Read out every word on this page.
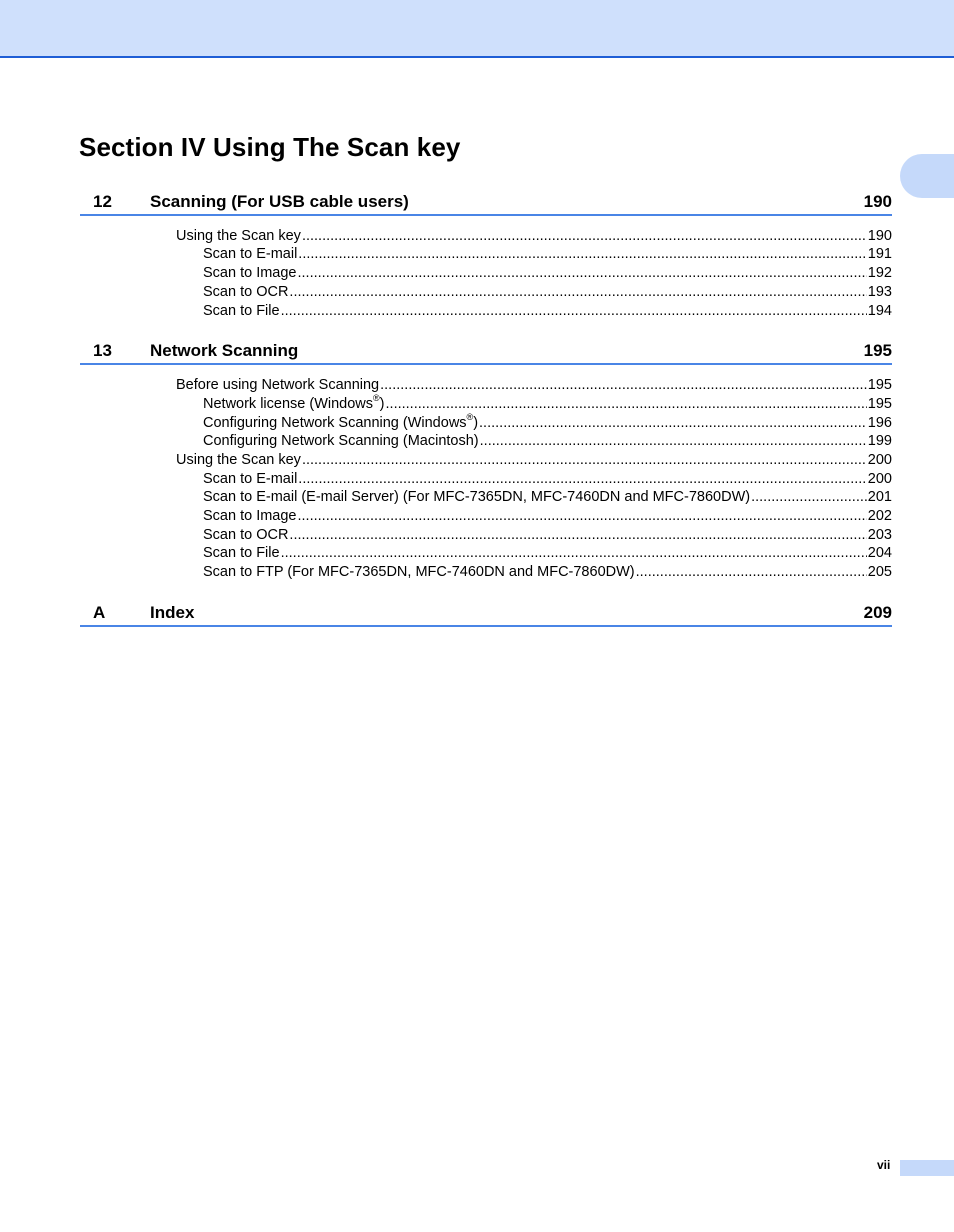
Section IV Using The Scan key
12 Scanning (For USB cable users)	190
Using the Scan key .....	190
Scan to E-mail .....	191
Scan to Image .....	192
Scan to OCR .....	193
Scan to File .....	194
13 Network Scanning	195
Before using Network Scanning .....	195
Network license (Windows®) .....	195
Configuring Network Scanning (Windows®) .....	196
Configuring Network Scanning (Macintosh) .....	199
Using the Scan key .....	200
Scan to E-mail .....	200
Scan to E-mail (E-mail Server) (For MFC-7365DN, MFC-7460DN and MFC-7860DW) .....	201
Scan to Image .....	202
Scan to OCR .....	203
Scan to File .....	204
Scan to FTP (For MFC-7365DN, MFC-7460DN and MFC-7860DW) .....	205
A	Index	209
vii
